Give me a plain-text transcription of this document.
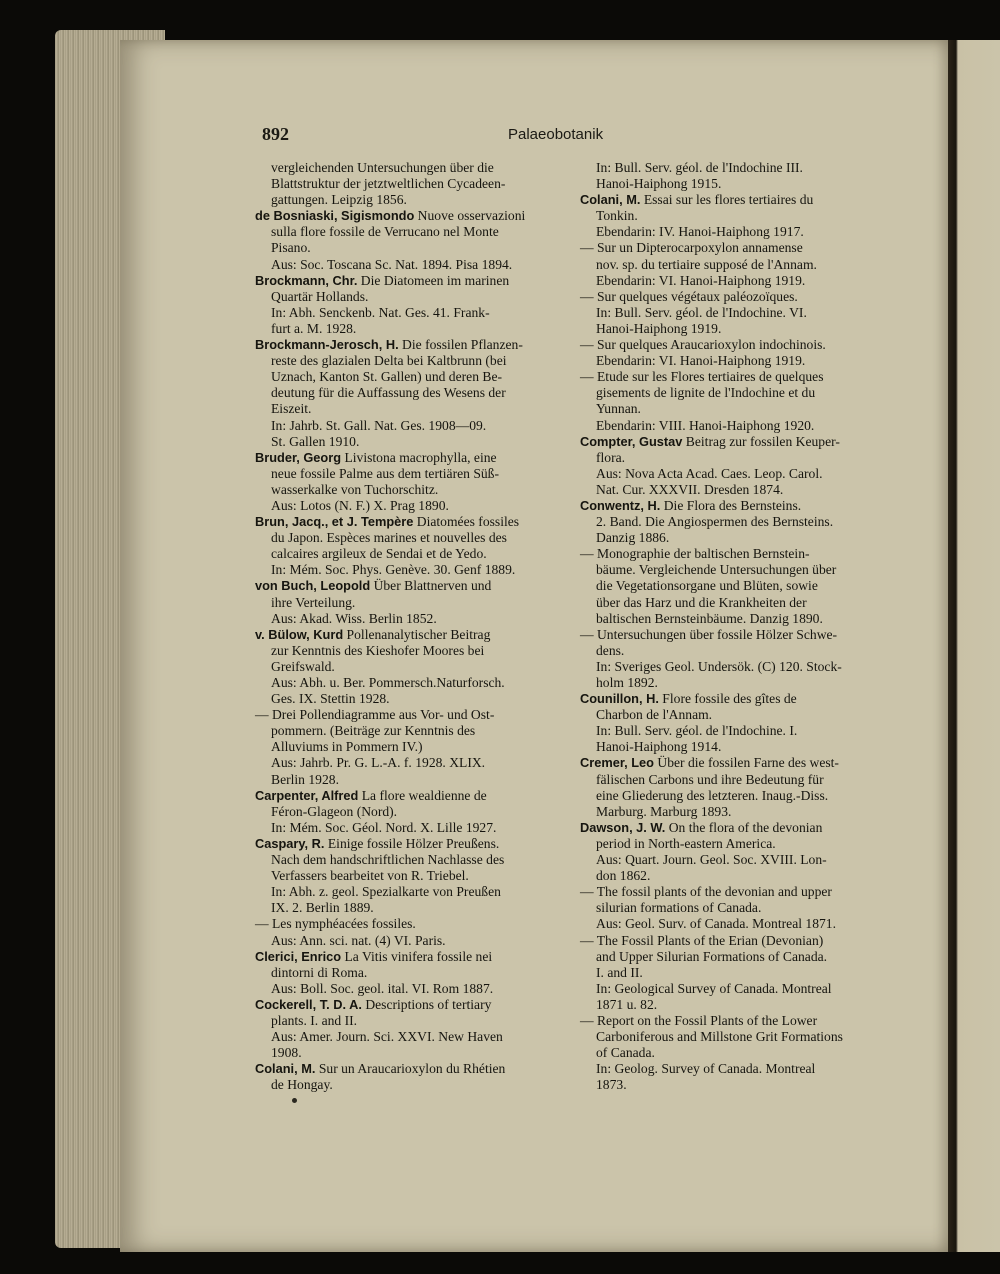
892	Palaeobotanik
vergleichenden Untersuchungen über die
Blattstruktur der jetztweltlichen Cycadeen-
gattungen. Leipzig 1856.
de Bosniaski, Sigismondo Nuove osservazioni
sulla flore fossile de Verrucano nel Monte
Pisano.
Aus: Soc. Toscana Sc. Nat. 1894. Pisa 1894.
Brockmann, Chr. Die Diatomeen im marinen
Quartär Hollands.
In: Abh. Senckenb. Nat. Ges. 41. Frank-
furt a. M. 1928.
Brockmann-Jerosch, H. Die fossilen Pflanzen-
reste des glazialen Delta bei Kaltbrunn (bei
Uznach, Kanton St. Gallen) und deren Be-
deutung für die Auffassung des Wesens der
Eiszeit.
In: Jahrb. St. Gall. Nat. Ges. 1908—09.
St. Gallen 1910.
Bruder, Georg Livistona macrophylla, eine
neue fossile Palme aus dem tertiären Süß-
wasserkalke von Tuchorschitz.
Aus: Lotos (N. F.) X. Prag 1890.
Brun, Jacq., et J. Tempère Diatomées fossiles
du Japon. Espèces marines et nouvelles des
calcaires argileux de Sendai et de Yedo.
In: Mém. Soc. Phys. Genève. 30. Genf 1889.
von Buch, Leopold Über Blattnerven und
ihre Verteilung.
Aus: Akad. Wiss. Berlin 1852.
v. Bülow, Kurd Pollenanalytischer Beitrag
zur Kenntnis des Kieshofer Moores bei
Greifswald.
Aus: Abh. u. Ber. Pommersch.Naturforsch.
Ges. IX. Stettin 1928.
— Drei Pollendiagramme aus Vor- und Ost-
pommern. (Beiträge zur Kenntnis des
Alluviums in Pommern IV.)
Aus: Jahrb. Pr. G. L.-A. f. 1928. XLIX.
Berlin 1928.
Carpenter, Alfred La flore wealdienne de
Féron-Glageon (Nord).
In: Mém. Soc. Géol. Nord. X. Lille 1927.
Caspary, R. Einige fossile Hölzer Preußens.
Nach dem handschriftlichen Nachlasse des
Verfassers bearbeitet von R. Triebel.
In: Abh. z. geol. Spezialkarte von Preußen
IX. 2. Berlin 1889.
— Les nymphéacées fossiles.
Aus: Ann. sci. nat. (4) VI. Paris.
Clerici, Enrico La Vitis vinifera fossile nei
dintorni di Roma.
Aus: Boll. Soc. geol. ital. VI. Rom 1887.
Cockerell, T. D. A. Descriptions of tertiary
plants. I. and II.
Aus: Amer. Journ. Sci. XXVI. New Haven
1908.
Colani, M. Sur un Araucarioxylon du Rhétien
de Hongay.
In: Bull. Serv. géol. de l'Indochine III.
Hanoi-Haiphong 1915.
Colani, M. Essai sur les flores tertiaires du
Tonkin.
Ebendarin: IV. Hanoi-Haiphong 1917.
— Sur un Dipterocarpoxylon annamense
nov. sp. du tertiaire supposé de l'Annam.
Ebendarin: VI. Hanoi-Haiphong 1919.
— Sur quelques végétaux paléozoïques.
In: Bull. Serv. géol. de l'Indochine. VI.
Hanoi-Haiphong 1919.
— Sur quelques Araucarioxylon indochinois.
Ebendarin: VI. Hanoi-Haiphong 1919.
— Etude sur les Flores tertiaires de quelques
gisements de lignite de l'Indochine et du
Yunnan.
Ebendarin: VIII. Hanoi-Haiphong 1920.
Compter, Gustav Beitrag zur fossilen Keuper-
flora.
Aus: Nova Acta Acad. Caes. Leop. Carol.
Nat. Cur. XXXVII. Dresden 1874.
Conwentz, H. Die Flora des Bernsteins.
2. Band. Die Angiospermen des Bernsteins.
Danzig 1886.
— Monographie der baltischen Bernstein-
bäume. Vergleichende Untersuchungen über
die Vegetationsorgane und Blüten, sowie
über das Harz und die Krankheiten der
baltischen Bernsteinbäume. Danzig 1890.
— Untersuchungen über fossile Hölzer Schwe-
dens.
In: Sveriges Geol. Undersök. (C) 120. Stock-
holm 1892.
Counillon, H. Flore fossile des gîtes de
Charbon de l'Annam.
In: Bull. Serv. géol. de l'Indochine. I.
Hanoi-Haiphong 1914.
Cremer, Leo Über die fossilen Farne des west-
fälischen Carbons und ihre Bedeutung für
eine Gliederung des letzteren. Inaug.-Diss.
Marburg. Marburg 1893.
Dawson, J. W. On the flora of the devonian
period in North-eastern America.
Aus: Quart. Journ. Geol. Soc. XVIII. Lon-
don 1862.
— The fossil plants of the devonian and upper
silurian formations of Canada.
Aus: Geol. Surv. of Canada. Montreal 1871.
— The Fossil Plants of the Erian (Devonian)
and Upper Silurian Formations of Canada.
I. and II.
In: Geological Survey of Canada. Montreal
1871 u. 82.
— Report on the Fossil Plants of the Lower
Carboniferous and Millstone Grit Formations
of Canada.
In: Geolog. Survey of Canada. Montreal
1873.
